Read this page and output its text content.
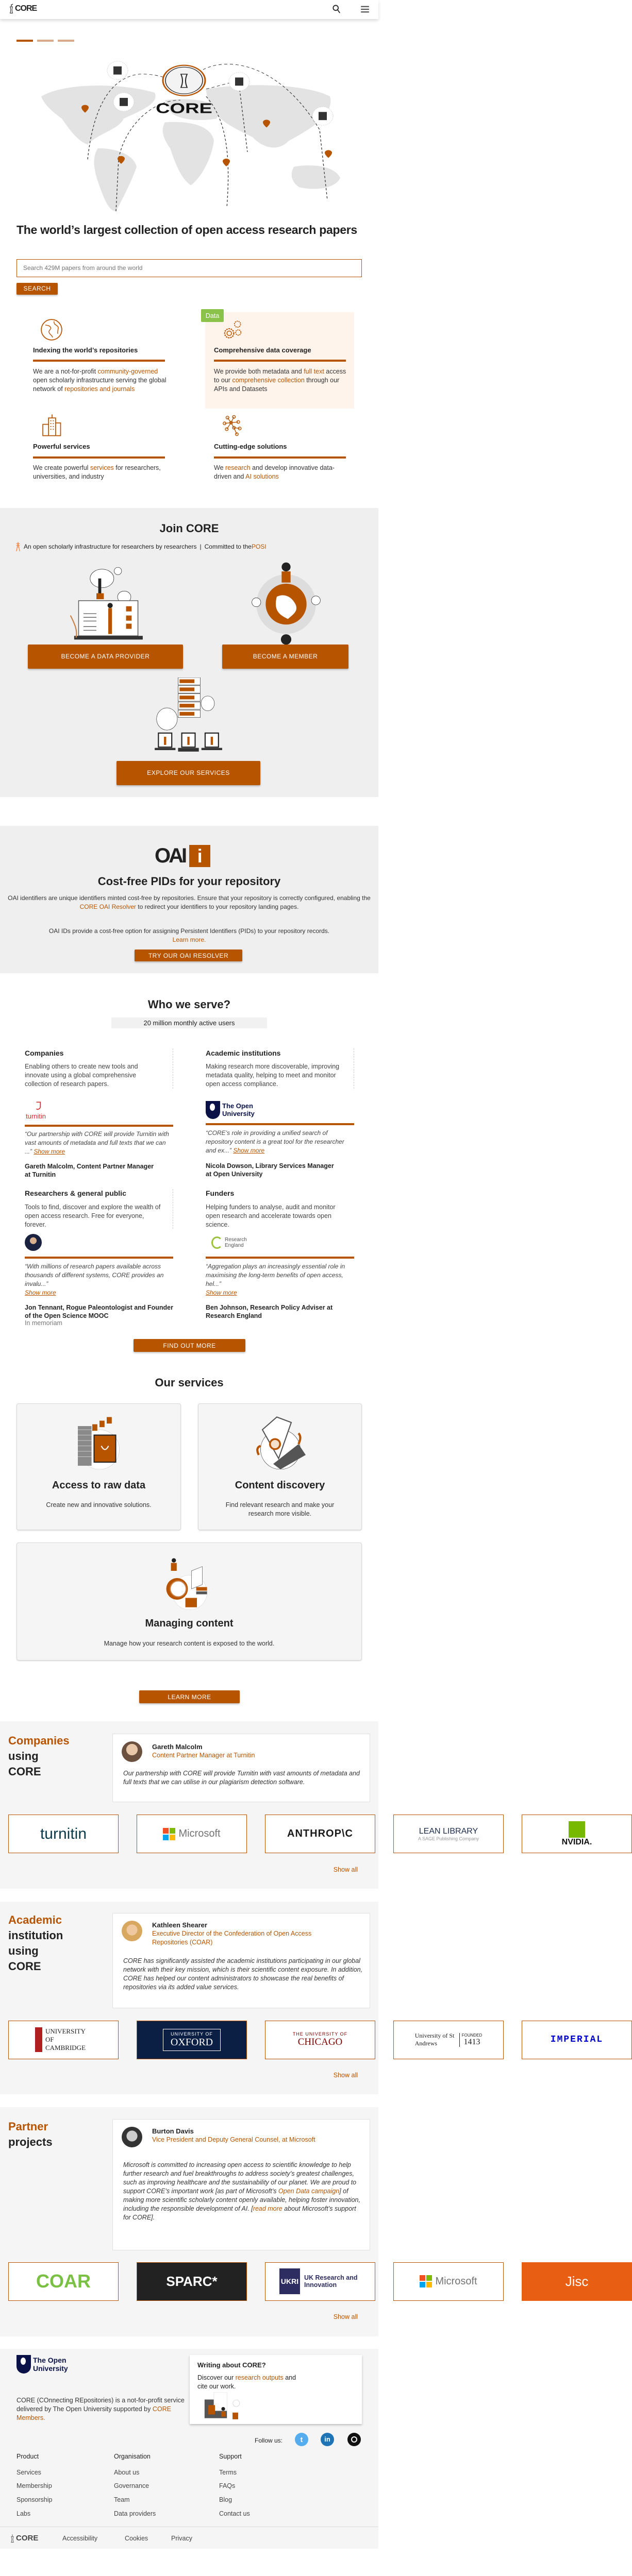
CORE
CORE
The world’s largest collection of open access research papers
Search 429M papers from around the world
SEARCH
Data
Indexing the world’s repositories	Comprehensive data coverage
We are a not-for-profit community-governed open scholarly infrastructure serving the global network of repositories and journals
We provide both metadata and full text access to our comprehensive collection through our APIs and Datasets
Powerful services	Cutting-edge solutions
We create powerful services for researchers, universities, and industry
We research and develop innovative data-driven and AI solutions
Join CORE
An open scholarly infrastructure for researchers by researchers | Committed to the POSI
BECOME A DATA PROVIDER	BECOME A MEMBER
EXPLORE OUR SERVICES
OAI i
Cost-free PIDs for your repository

OAI identifiers are unique identifiers minted cost-free by repositories. Ensure that your repository is correctly configured, enabling the CORE OAI Resolver to redirect your identifiers to your repository landing pages.

OAI IDs provide a cost-free option for assigning Persistent Identifiers (PIDs) to your repository records.
Learn more.

TRY OUR OAI RESOLVER
Who we serve?
20 million monthly active users
Companies
Enabling others to create new tools and innovate using a global comprehensive collection of research papers.
turnitin
“Our partnership with CORE will provide Turnitin with vast amounts of metadata and full texts that we can ...” Show more
Gareth Malcolm, Content Partner Manager at Turnitin
Academic institutions
Making research more discoverable, improving metadata quality, helping to meet and monitor open access compliance.
The Open University
“CORE’s role in providing a unified search of repository content is a great tool for the researcher and ex...” Show more
Nicola Dowson, Library Services Manager at Open University
Researchers & general public
Tools to find, discover and explore the wealth of open access research. Free for everyone, forever.
“With millions of research papers available across thousands of different systems, CORE provides an invalu...”
Show more
Jon Tennant, Rogue Paleontologist and Founder of the Open Science MOOC
In memoriam
Funders
Helping funders to analyse, audit and monitor open research and accelerate towards open science.
Research England
“Aggregation plays an increasingly essential role in maximising the long-term benefits of open access, hel...”
Show more
Ben Johnson, Research Policy Adviser at Research England
FIND OUT MORE
Our services
Access to raw data
Create new and innovative solutions.
Content discovery
Find relevant research and make your research more visible.
Managing content
Manage how your research content is exposed to the world.
LEARN MORE
Companies
using
CORE
Gareth Malcolm
Content Partner Manager at Turnitin
Our partnership with CORE will provide Turnitin with vast amounts of metadata and full texts that we can utilise in our plagiarism detection software.
turnitin	Microsoft	ANTHROP\C	LEAN LIBRARY
A SAGE Publishing Company	NVIDIA.
Show all
Academic
institution
using
CORE
Kathleen Shearer
Executive Director of the Confederation of Open Access Repositories (COAR)
CORE has significantly assisted the academic institutions participating in our global network with their key mission, which is their scientific content exposure. In addition, CORE has helped our content administrators to showcase the real benefits of repositories via its added value services.
UNIVERSITY OF CAMBRIDGE
UNIVERSITY OF
OXFORD
THE UNIVERSITY OF
CHICAGO
University of St Andrews
FOUNDED
1413	IMPERIAL
Show all
Partner
projects
Burton Davis
Vice President and Deputy General Counsel, at Microsoft
Microsoft is committed to increasing open access to scientific knowledge to help further research and fuel breakthroughs to address society’s greatest challenges, such as improving healthcare and the sustainability of our planet. We are proud to support CORE’s important work [as part of Microsoft’s Open Data campaign] of making more scientific scholarly content openly available, helping foster innovation, including the responsible development of AI. [read more about Microsoft’s support for CORE].
COAR	SPARC*	UKRI UK Research and Innovation	Microsoft	Jisc
Show all
The Open University
CORE (COnnecting REpositories) is a not-for-profit service delivered by The Open University supported by CORE Members.
Writing about CORE?
Discover our research outputs and cite our work.
Follow us:	t	in
Product	Organisation	Support
Services
Membership
Sponsorship
Labs
About us
Governance
Team
Data providers
Terms
FAQs
Blog
Contact us
CORE	Accessibility	Cookies	Privacy
